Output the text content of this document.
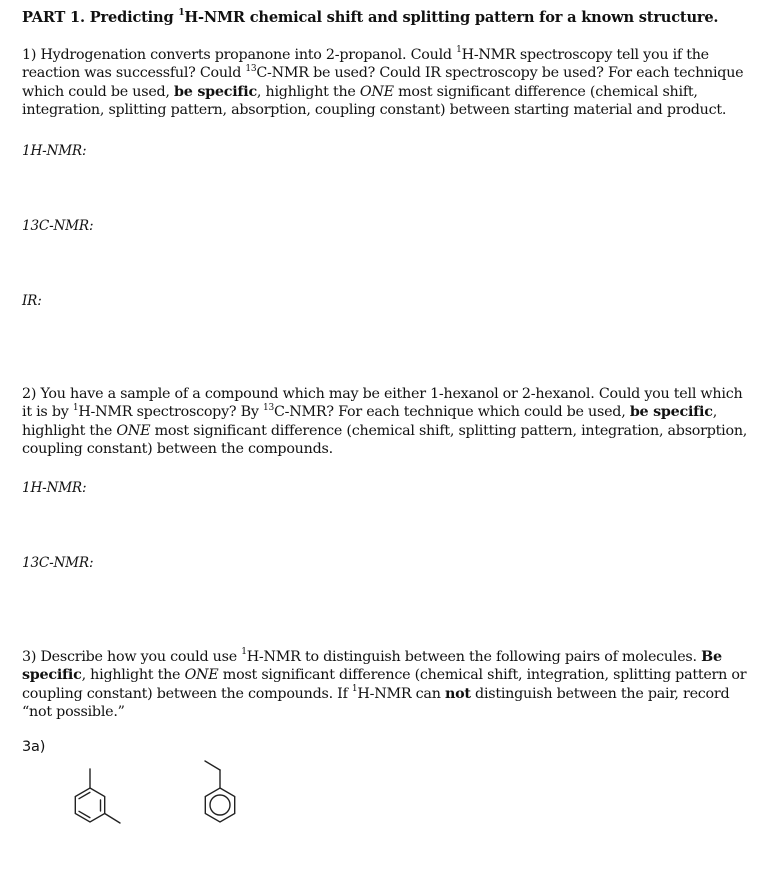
PART 1. Predicting $^1$H-NMR chemical shift and splitting pattern for a known structure.
1) Hydrogenation converts propanone into 2-propanol. Could $^1$H-NMR spectroscopy tell you if the reaction was successful? Could $^{13}$C-NMR be used? Could IR spectroscopy be used? For each technique which could be used, be specific, highlight the ONE most significant difference (chemical shift, integration, splitting pattern, absorption, coupling constant) between starting material and product.
1H-NMR:
13C-NMR:
IR:
2) You have a sample of a compound which may be either 1-hexanol or 2-hexanol. Could you tell which it is by $^1$H-NMR spectroscopy? By $^{13}$C-NMR? For each technique which could be used, be specific, highlight the ONE most significant difference (chemical shift, splitting pattern, integration, absorption, coupling constant) between the compounds.
1H-NMR:
13C-NMR:
3) Describe how you could use $^1$H-NMR to distinguish between the following pairs of molecules. Be specific, highlight the ONE most significant difference (chemical shift, integration, splitting pattern or coupling constant) between the compounds. If $^1$H-NMR can not distinguish between the pair, record “not possible.”
3a)
